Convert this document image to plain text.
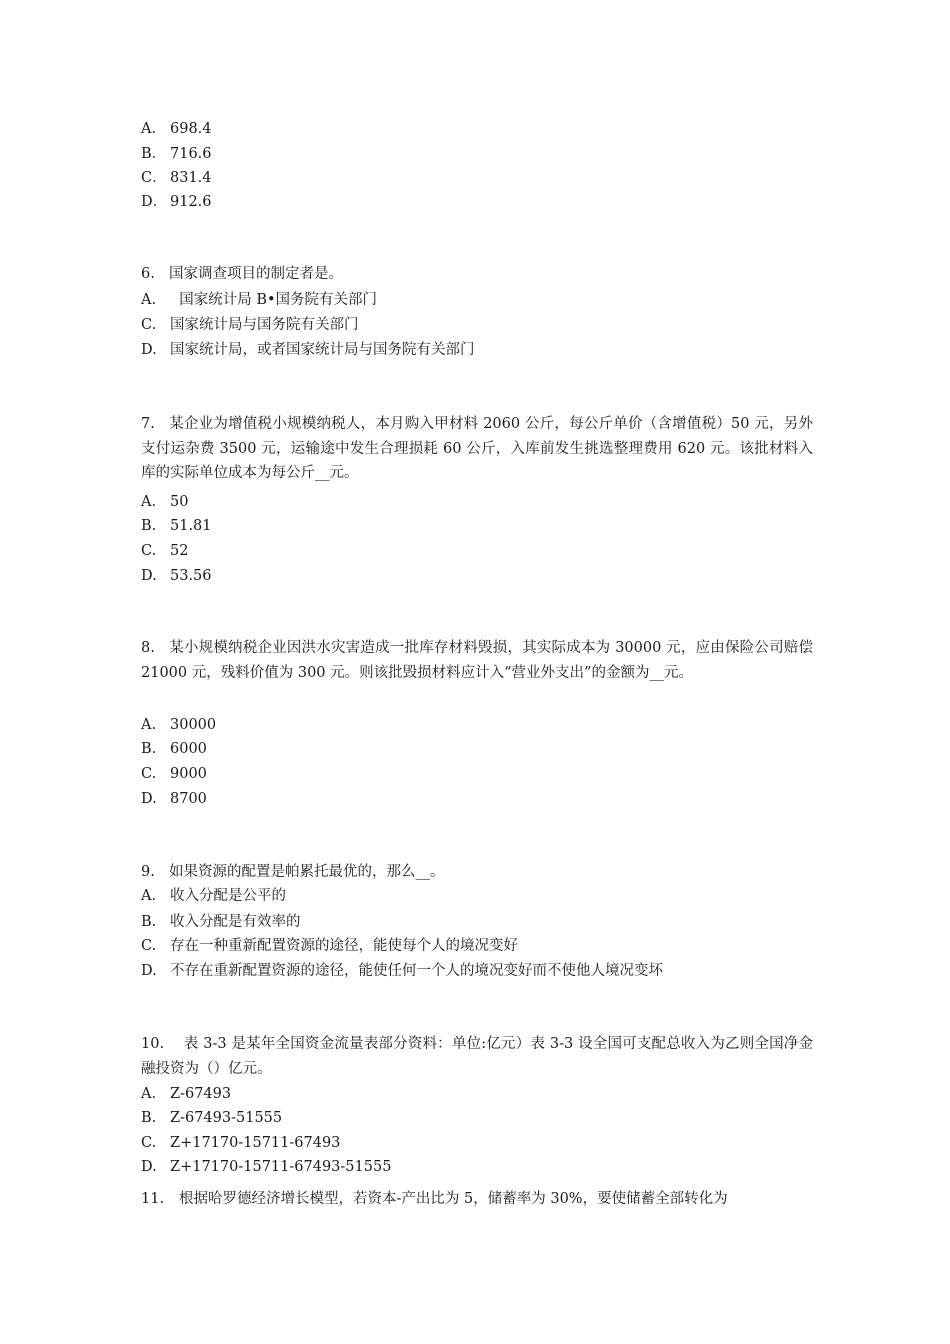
A. 698.4
B． 716.6
C． 831.4
D． 912.6
6. 国家调查项目的制定者是。
A.  国家统计局 B•国务院有关部门
C. 国家统计局与国务院有关部门
D. 国家统计局，或者国家统计局与国务院有关部门
7. 某企业为增值税小规模纳税人，本月购入甲材料 2060 公斤，每公斤单价（含增值税）50 元，另外支付运杂费 3500 元，运输途中发生合理损耗 60 公斤，入库前发生挑选整理费用 620 元。该批材料入库的实际单位成本为每公斤__元。
A. 50
B. 51.81
C. 52
D. 53.56
8. 某小规模纳税企业因洪水灾害造成一批库存材料毁损，其实际成本为 30000 元，应由保险公司赔偿 21000 元，残料价值为 300 元。则该批毁损材料应计入“营业外支出”的金额为__元。
A. 30000
B. 6000
C. 9000
D. 8700
9. 如果资源的配置是帕累托最优的，那么__。
A. 收入分配是公平的
B. 收入分配是有效率的
C. 存在一种重新配置资源的途径，能使每个人的境况变好
D. 不存在重新配置资源的途径，能使任何一个人的境况变好而不使他人境况变坏
10. 表 3-3 是某年全国资金流量表部分资料：单位:亿元）表 3-3 设全国可支配总收入为乙则全国净金融投资为（）亿元。
A. Z-67493
B. Z-67493-51555
C. Z+17170-15711-67493
D. Z+17170-15711-67493-51555
11. 根据哈罗德经济增长模型，若资本-产出比为 5，储蓄率为 30%，要使储蓄全部转化为
